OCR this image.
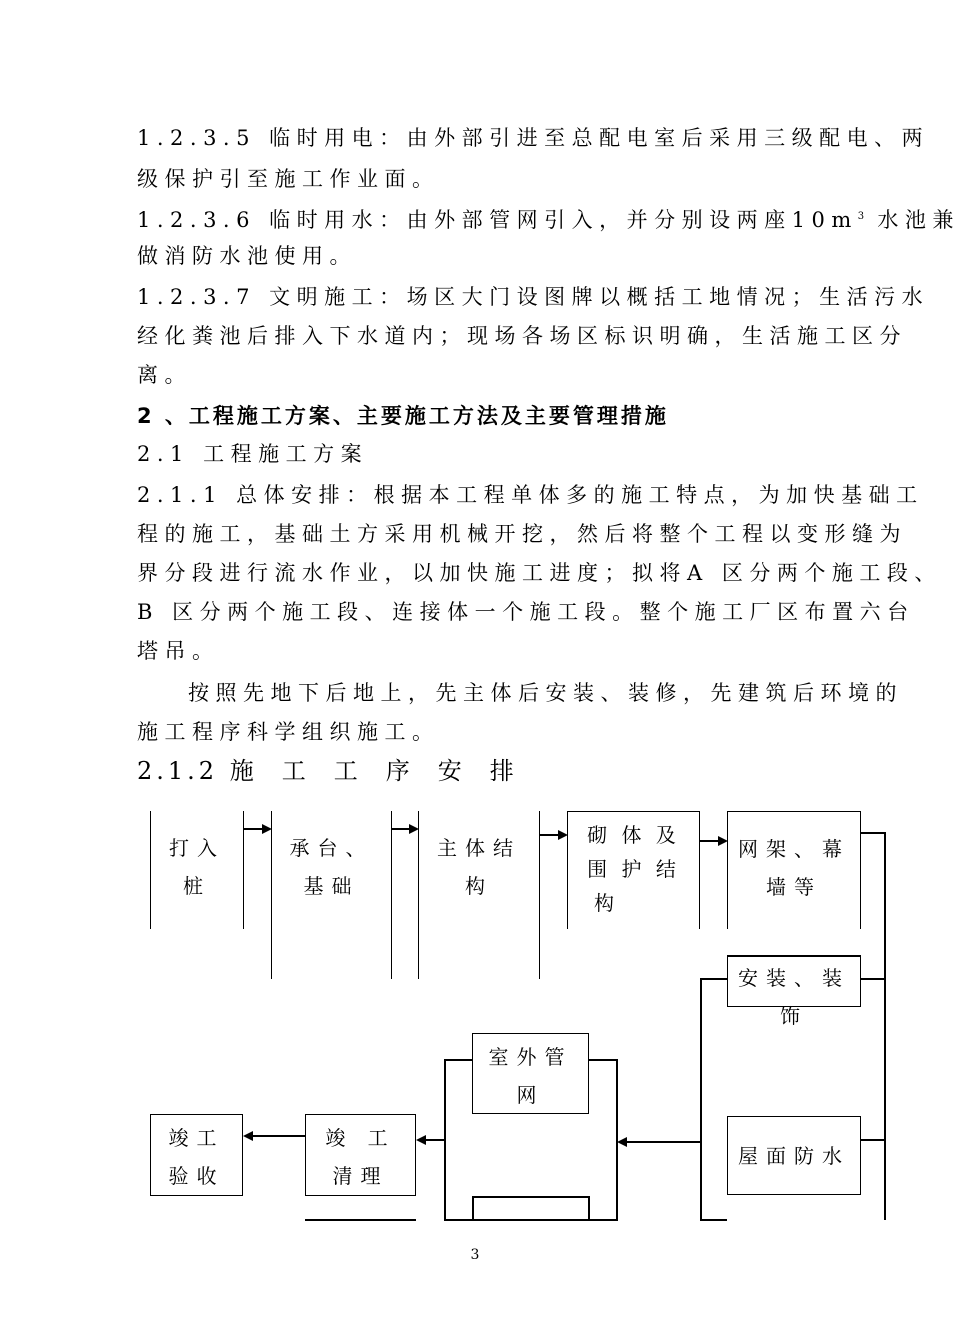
1.2.3.5 临时用电：由外部引进至总配电室后采用三级配电、两
级保护引至施工作业面。
1.2.3.6 临时用水：由外部管网引入，并分别设两座$10m^3$ 水池兼
做消防水池使用。
1.2.3.7 文明施工：场区大门设图牌以概括工地情况；生活污水
经化粪池后排入下水道内；现场各场区标识明确，生活施工区分
离。
2 、工程施工方案、主要施工方法及主要管理措施
2.1 工程施工方案
2.1.1 总体安排：根据本工程单体多的施工特点，为加快基础工
程的施工，基础土方采用机械开挖，然后将整个工程以变形缝为
界分段进行流水作业，以加快施工进度；拟将A 区分两个施工段、
B 区分两个施工段、连接体一个施工段。整个施工厂区布置六台
塔吊。
按照先地下后地上，先主体后安装、装修，先建筑后环境的
施工程序科学组织施工。
2.1.2 施工工序安排
打入
桩
承台、
基础
主体结
构
砌 体 及
围 护 结
构
网架、幕
墙等
安装、装
饰
屋面防水
室外管
网
竣 工
清理
竣工
验收
3
